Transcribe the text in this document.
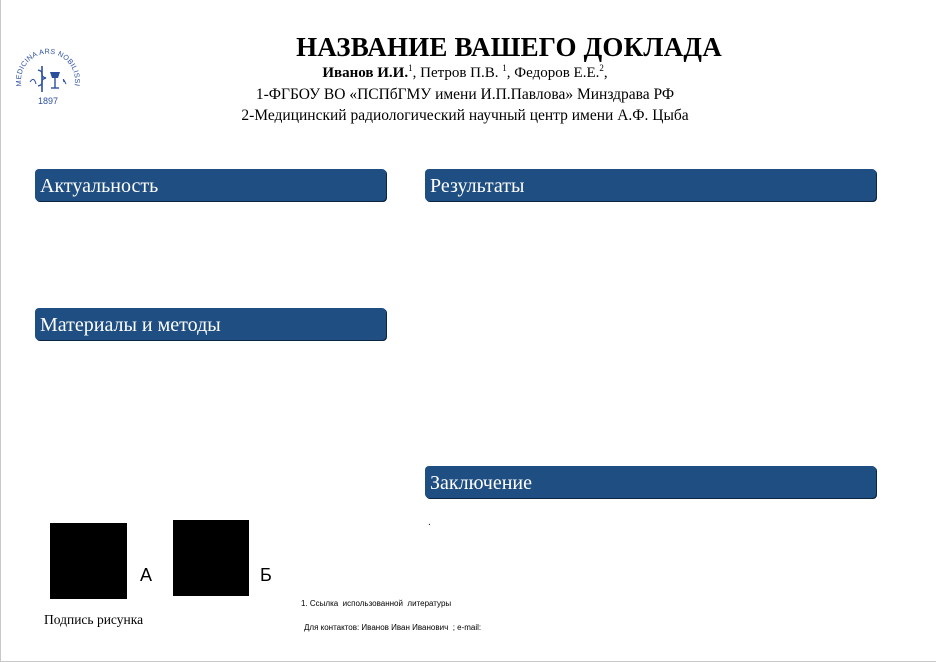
MEDICINA ARS NOBILISSI
1897
НАЗВАНИЕ ВАШЕГО ДОКЛАДА
Иванов И.И.$^1$, Петров П.В. $^1$, Федоров Е.Е.$^2$,
1-ФГБОУ ВО «ПСПбГМУ имени И.П.Павлова» Минздрава РФ
2-Медицинский радиологический научный центр имени А.Ф. Цыба
Актуальность
Материалы и методы
Результаты
Заключение
.
А	Б
Подпись рисунка
1. Ссылка  использованной  литературы
Для контактов: Иванов Иван Иванович  ; e-mail:
